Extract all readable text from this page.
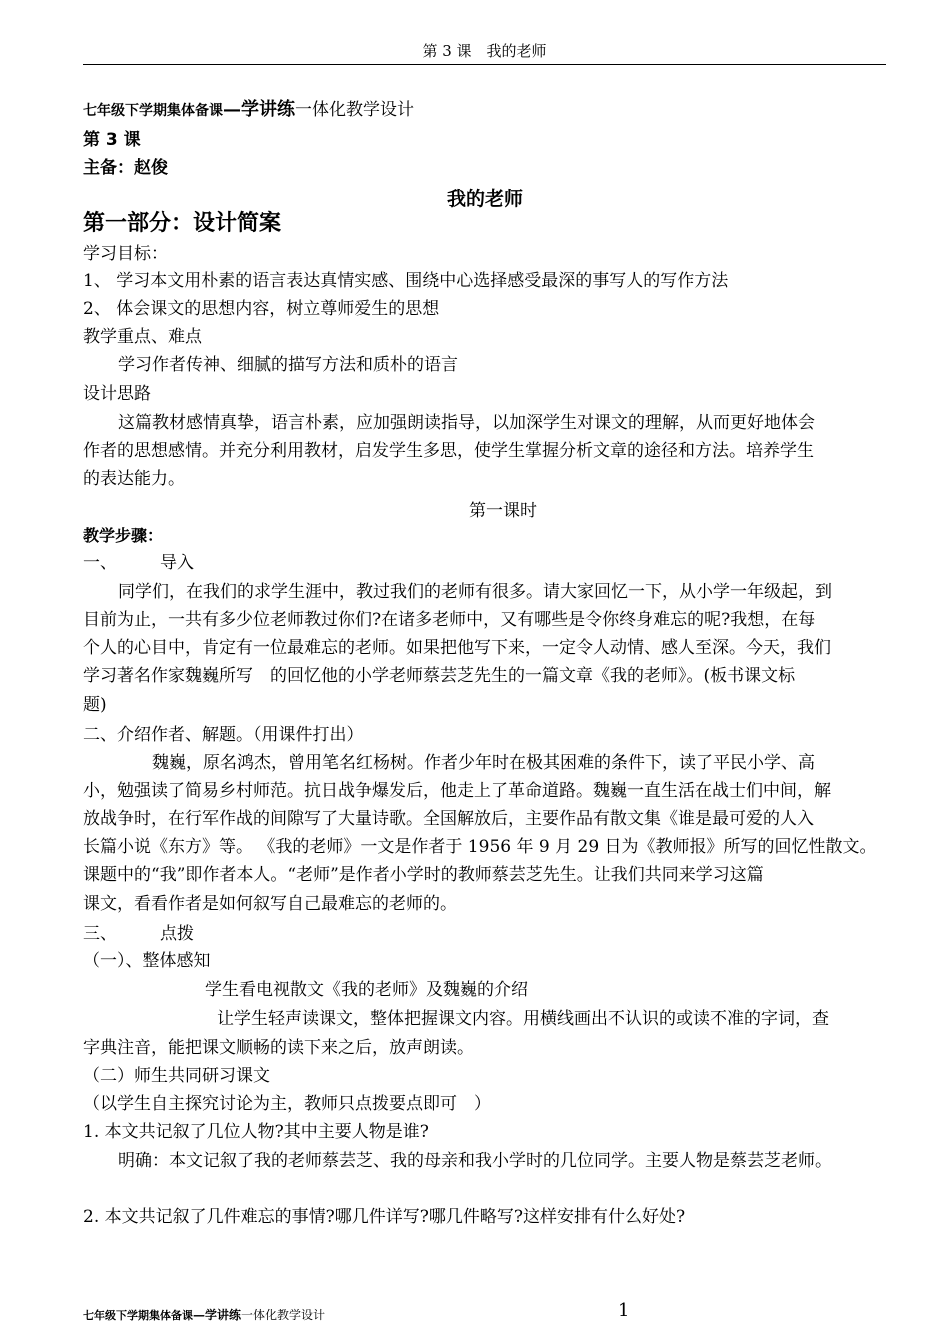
第 3 课　我的老师
七年级下学期集体备课—学讲练一体化教学设计
第 3 课
主备：赵俊
我的老师
第一部分：设计简案
学习目标：
1、 学习本文用朴素的语言表达真情实感、围绕中心选择感受最深的事写人的写作方法
2、 体会课文的思想内容，树立尊师爱生的思想
教学重点、难点
学习作者传神、细腻的描写方法和质朴的语言
设计思路
这篇教材感情真挚，语言朴素，应加强朗读指导，以加深学生对课文的理解，从而更好地体会
作者的思想感情。并充分利用教材，启发学生多思，使学生掌握分析文章的途径和方法。培养学生
的表达能力。
第一课时
教学步骤：
一、	导入
同学们，在我们的求学生涯中，教过我们的老师有很多。请大家回忆一下，从小学一年级起，到
目前为止，一共有多少位老师教过你们?在诸多老师中，又有哪些是令你终身难忘的呢?我想，在每
个人的心目中，肯定有一位最难忘的老师。如果把他写下来，一定令人动情、感人至深。今天，我们
学习著名作家魏巍所写　的回忆他的小学老师蔡芸芝先生的一篇文章《我的老师》。(板书课文标
题)
二、介绍作者、解题。（用课件打出）
魏巍，原名鸿杰，曾用笔名红杨树。作者少年时在极其困难的条件下，读了平民小学、高
小，勉强读了简易乡村师范。抗日战争爆发后，他走上了革命道路。魏巍一直生活在战士们中间，解
放战争时，在行军作战的间隙写了大量诗歌。全国解放后，主要作品有散文集《谁是最可爱的人入
长篇小说《东方》等。 《我的老师》一文是作者于 1956 年 9 月 29 日为《教师报》所写的回忆性散文。
课题中的“我”即作者本人。“老师”是作者小学时的教师蔡芸芝先生。让我们共同来学习这篇
课文，看看作者是如何叙写自己最难忘的老师的。
三、	点拨
（一）、整体感知
学生看电视散文《我的老师》及魏巍的介绍
让学生轻声读课文，整体把握课文内容。用横线画出不认识的或读不准的字词，查
字典注音，能把课文顺畅的读下来之后，放声朗读。
（二）师生共同研习课文
（以学生自主探究讨论为主，教师只点拨要点即可　）
1. 本文共记叙了几位人物?其中主要人物是谁?
明确：本文记叙了我的老师蔡芸芝、我的母亲和我小学时的几位同学。主要人物是蔡芸芝老师。
2. 本文共记叙了几件难忘的事情?哪几件详写?哪几件略写?这样安排有什么好处?
七年级下学期集体备课—学讲练一体化教学设计	1
